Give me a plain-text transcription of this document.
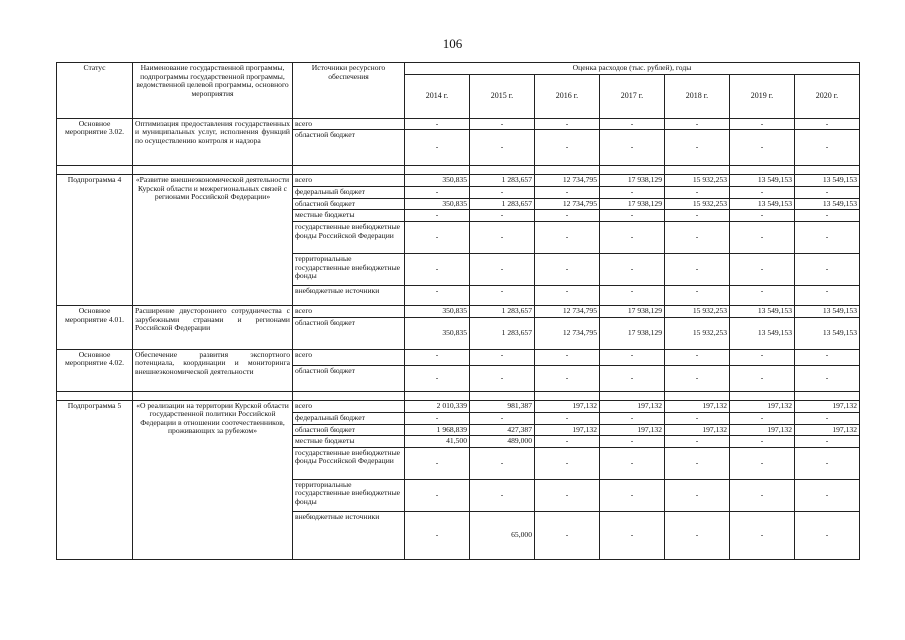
106
Статус	Наименование государственной программы, подпрограммы государственной программы, ведомственной целевой программы, основного мероприятия	Источники ресурсного обеспечения	Оценка расходов (тыс. рублей), годы						
			2014 г.	2015 г.	2016 г.	2017 г.	2018 г.	2019 г.	2020 г.
Основное мероприятие 3.02.	Оптимизация предоставления государственных и муниципальных услуг, исполнения функций по осуществлению контроля и надзора	всего	-	-	-	-	-	-	-
		областной бюджет	-	-	-	-	-	-	-

Подпрограмма 4	«Развитие внешнеэкономической деятельности Курской области и межрегиональных связей с регионами Российской Федерации»	всего	350,835	1 283,657	12 734,795	17 938,129	15 932,253	13 549,153	13 549,153
		федеральный бюджет	-	-	-	-	-	-	-
		областной бюджет	350,835	1 283,657	12 734,795	17 938,129	15 932,253	13 549,153	13 549,153
		местные бюджеты	-	-	-	-	-	-	-
		государственные внебюджетные фонды Российской Федерации	-	-	-	-	-	-	-
		территориальные государственные внебюджетные фонды	-	-	-	-	-	-	-
		внебюджетные источники	-	-	-	-	-	-	-
Основное мероприятие 4.01.	Расширение двустороннего сотрудничества с зарубежными странами и регионами Российской Федерации	всего	350,835	1 283,657	12 734,795	17 938,129	15 932,253	13 549,153	13 549,153
		областной бюджет	350,835	1 283,657	12 734,795	17 938,129	15 932,253	13 549,153	13 549,153
Основное мероприятие 4.02.	Обеспечение развития экспортного потенциала, координации и мониторинга внешнеэкономической деятельности	всего	-	-	-	-	-	-	-
		областной бюджет	-	-	-	-	-	-	-

Подпрограмма 5	«О реализации на территории Курской области государственной политики Российской Федерации в отношении соотечественников, проживающих за рубежом»	всего	2 010,339	981,387	197,132	197,132	197,132	197,132	197,132
		федеральный бюджет	-	-	-	-	-	-	-
		областной бюджет	1 968,839	427,387	197,132	197,132	197,132	197,132	197,132
		местные бюджеты	41,500	489,000	-	-	-	-	-
		государственные внебюджетные фонды Российской Федерации	-	-	-	-	-	-	-
		территориальные государственные внебюджетные фонды	-	-	-	-	-	-	-
		внебюджетные источники	-	65,000	-	-	-	-	-
